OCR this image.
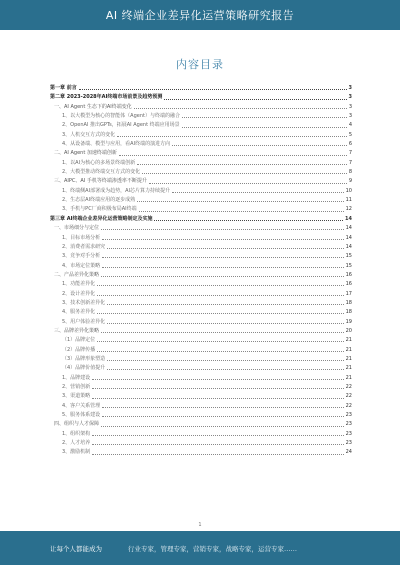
AI 终端企业差异化运营策略研究报告
内容目录
第一章 前言	3
第二章 2023-2028年AI终端市场前景及趋势预测	3
一、AI Agent 生态下的AI终端变化	3
1、以大模型为核心的智能体（Agent）与终端的融合	3
2、OpenAI 推出GPTs，拓展AI Agent 终端应用场景	4
3、人机交互方式的变化	5
4、从设备端、模型与应用，看AI终端的演进方向	6
二、AI Agent 加速终端创新	7
1、以AI为核心的多场景终端创新	7
2、大模型推动终端交互方式的变化	8
三、AIPC、AI 手机等终端渗透率不断提升	9
1、终端侧AI部署成为趋势，AI芯片算力持续提升	10
2、生态层AI终端应用的逐步成熟	11
3、手机与PC厂商积极布局AI终端	12
第三章 AI终端企业差异化运营策略制定及实施	14
一、市场细分与定位	14
1、目标市场分析	14
2、消费者需求研究	14
3、竞争对手分析	15
4、市场定位策略	15
二、产品差异化策略	16
1、功能差异化	16
2、设计差异化	17
3、技术创新差异化	18
4、服务差异化	18
5、用户体验差异化	19
三、品牌差异化策略	20
（1）品牌定位	21
（2）品牌传播	21
（3）品牌形象塑造	21
（4）品牌价值提升	21
1、品牌建设	21
2、营销创新	22
3、渠道策略	22
4、客户关系管理	22
5、服务体系建设	23
四、组织与人才保障	23
1、组织架构	23
2、人才培养	23
3、激励机制	24
1
让每个人都能成为	行业专家，管理专家，营销专家，战略专家，运营专家……
